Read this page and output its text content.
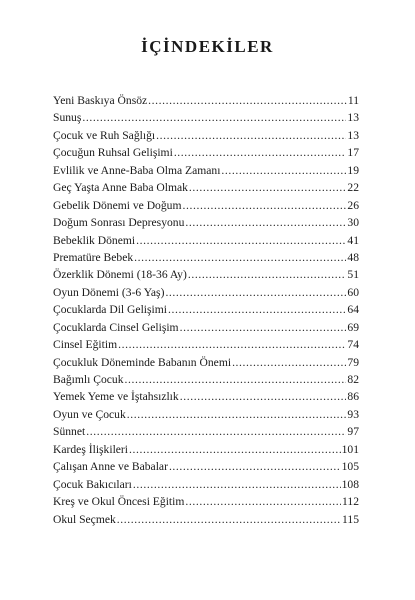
İÇİNDEKİLER
Yeni Baskıya Önsöz .....	11
Sunuş .....	13
Çocuk ve Ruh Sağlığı .....	13
Çocuğun Ruhsal Gelişimi .....	17
Evlilik ve Anne-Baba Olma Zamanı .....	19
Geç Yaşta Anne Baba Olmak .....	22
Gebelik Dönemi ve Doğum .....	26
Doğum Sonrası Depresyonu .....	30
Bebeklik Dönemi .....	41
Prematüre Bebek .....	48
Özerklik Dönemi (18-36 Ay) .....	51
Oyun Dönemi (3-6 Yaş) .....	60
Çocuklarda Dil Gelişimi .....	64
Çocuklarda Cinsel Gelişim .....	69
Cinsel Eğitim .....	74
Çocukluk Döneminde Babanın Önemi .....	79
Bağımlı Çocuk .....	82
Yemek Yeme ve İştahsızlık .....	86
Oyun ve Çocuk .....	93
Sünnet .....	97
Kardeş İlişkileri .....	101
Çalışan Anne ve Babalar .....	105
Çocuk Bakıcıları .....	108
Kreş ve Okul Öncesi Eğitim .....	112
Okul Seçmek .....	115
